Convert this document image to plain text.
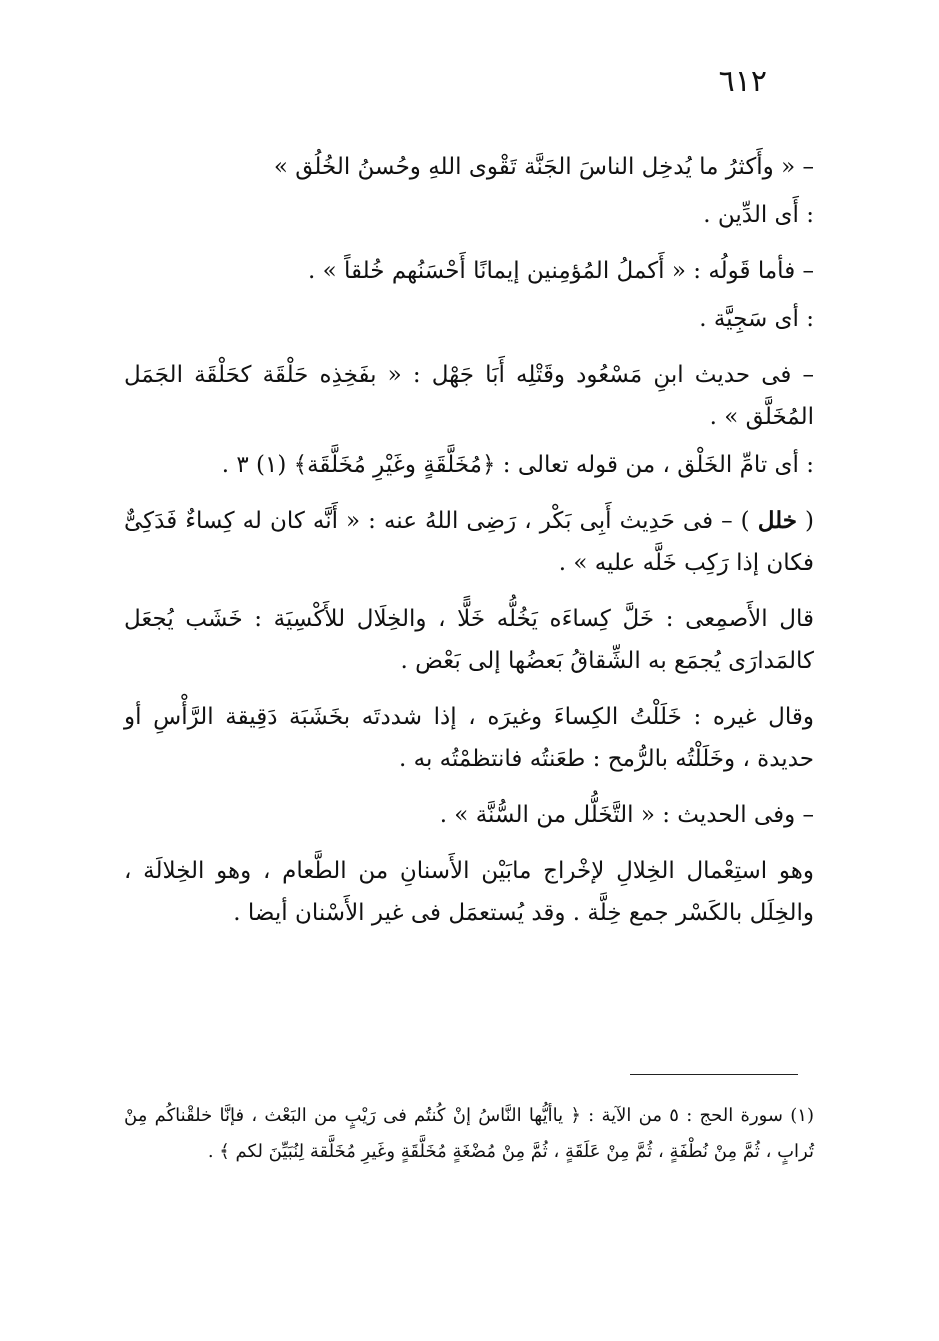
٦١٢

– « وأَكثرُ ما يُدخِل الناسَ الجَنَّة تَقْوى اللهِ وحُسنُ الخُلُق »

: أَى الدِّين .

– فأما قَولُه : « أَكملُ المُؤمِنين إيمانًا أَحْسَنُهم خُلقاً » .

: أى سَجِيَّة .

– فى حديث ابنِ مَسْعُود وقَتْلِه أَبَا جَهْل : « بفَخِذِه حَلْقَة كحَلْقَة الجَمَل المُخَلَّق » .

: أى تامِّ الخَلْق ، من قوله تعالى : ﴿مُخَلَّقَةٍ وغَيْرِ مُخَلَّقَة﴾ (١) ٣ .

( خلل ) – فى حَدِيث أَبِى بَكْر ، رَضِى اللهُ عنه : « أَنَّه كان له كِساءٌ فَدَكِىٌّ فكان إذا رَكِب خَلَّه عليه » .

قال الأَصمِعى : خَلَّ كِساءَه يَخُلُّه خَلًّا ، والخِلَال للأَكْسِيَة : خَشَب يُجعَل كالمَدارَى يُجمَع به الشِّقاقُ بَعضُها إلى بَعْض .

وقال غيره : خَلَلْتُ الكِساءَ وغيرَه ، إذا شددتَه بخَشَبَة دَقِيقة الرَّأْسِ أو حديدة ، وخَلَلْتُه بالرُّمح : طعَنتُه فانتظمْتُه به .

– وفى الحديث : « التَّخَلُّل من السُّنَّة » .

وهو استِعْمال الخِلالِ لإخْراج مابَيْن الأَسنانِ من الطَّعام ، وهو الخِلالَة ، والخِلَل بالكَسْر جمع خِلَّة . وقد يُستعمَل فى غير الأَسْنان أيضا .

(١) سورة الحج : ٥ من الآية : ﴿ ياأيُّها النَّاسُ إنْ كُنتُم فى رَيْبٍ من البَعْث ، فإنَّا خلقْناكُم مِنْ تُرابٍ ، ثُمَّ مِنْ نُطْفَةٍ ، ثُمَّ مِنْ عَلَقَةٍ ، ثُمَّ مِنْ مُضْغَةٍ مُخَلَّقَةٍ وغَيرِ مُخَلَّقة لِنُبَيِّنَ لكم ﴾ .
